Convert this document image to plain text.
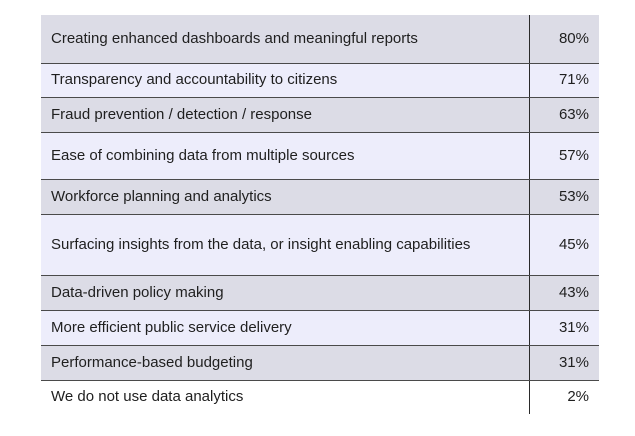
Creating enhanced dashboards and meaningful reports	80%
Transparency and accountability to citizens	71%
Fraud prevention / detection / response	63%
Ease of combining data from multiple sources	57%
Workforce planning and analytics	53%
Surfacing insights from the data, or insight enabling capabilities	45%
Data-driven policy making	43%
More efficient public service delivery	31%
Performance-based budgeting	31%
We do not use data analytics	2%
